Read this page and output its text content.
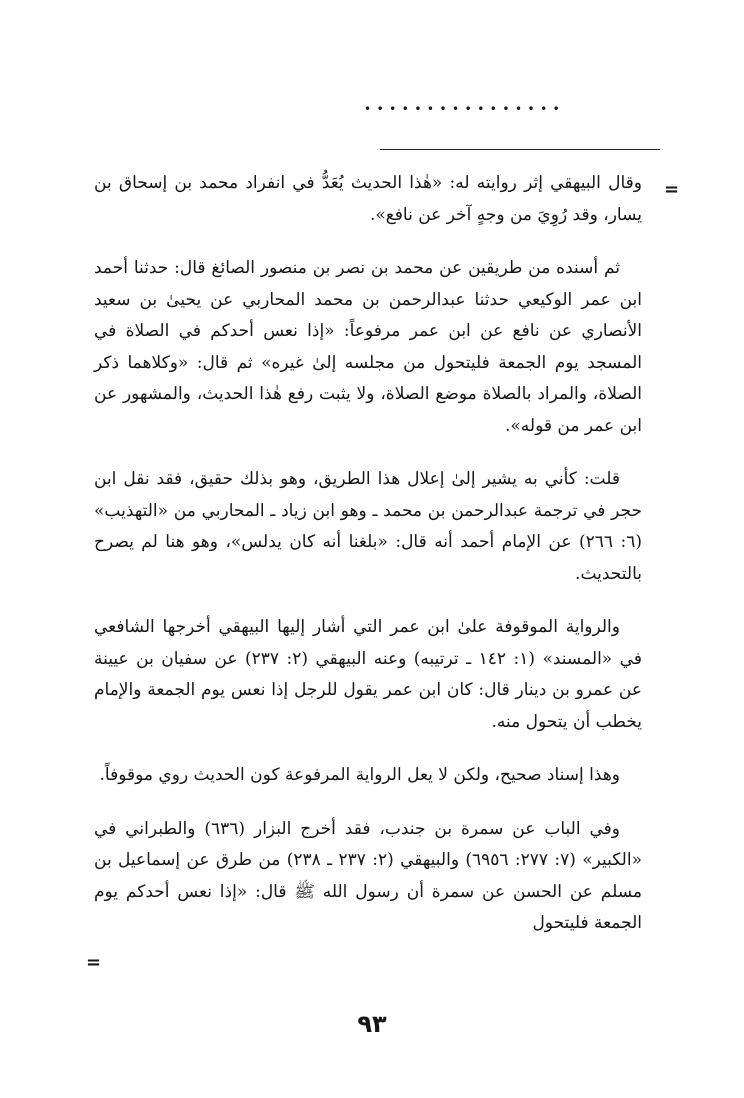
••••••••••••••••
=

وقال البيهقي إثر روايته له: «هٰذا الحديث يُعَدُّ في انفراد محمد بن إسحاق بن يسار، وقد رُوِيَ من وجهٍ آخر عن نافع».

ثم أسنده من طريقين عن محمد بن نصر بن منصور الصائغ قال: حدثنا أحمد ابن عمر الوكيعي حدثنا عبدالرحمن بن محمد المحاربي عن يحيىٰ بن سعيد الأنصاري عن نافع عن ابن عمر مرفوعاً: «إذا نعس أحدكم في الصلاة في المسجد يوم الجمعة فليتحول من مجلسه إلىٰ غيره» ثم قال: «وكلاهما ذكر الصلاة، والمراد بالصلاة موضع الصلاة، ولا يثبت رفع هٰذا الحديث، والمشهور عن ابن عمر من قوله».

قلت: كأني به يشير إلىٰ إعلال هذا الطريق، وهو بذلك حقيق، فقد نقل ابن حجر في ترجمة عبدالرحمن بن محمد ـ وهو ابن زياد ـ المحاربي من «التهذيب» (٦: ٢٦٦) عن الإمام أحمد أنه قال: «بلغنا أنه كان يدلس»، وهو هنا لم يصرح بالتحديث.

والرواية الموقوفة علىٰ ابن عمر التي أشار إليها البيهقي أخرجها الشافعي في «المسند» (١: ١٤٢ ـ ترتيبه) وعنه البيهقي (٢: ٢٣٧) عن سفيان بن عيينة عن عمرو بن دينار قال: كان ابن عمر يقول للرجل إذا نعس يوم الجمعة والإمام يخطب أن يتحول منه.

وهذا إسناد صحيح، ولكن لا يعل الرواية المرفوعة كون الحديث روي موقوفاً.

وفي الباب عن سمرة بن جندب، فقد أخرج البزار (٦٣٦) والطبراني في «الكبير» (٧: ٢٧٧: ٦٩٥٦) والبيهقي (٢: ٢٣٧ ـ ٢٣٨) من طرق عن إسماعيل بن مسلم عن الحسن عن سمرة أن رسول الله ﷺ قال: «إذا نعس أحدكم يوم الجمعة فليتحول

=
٩٣
